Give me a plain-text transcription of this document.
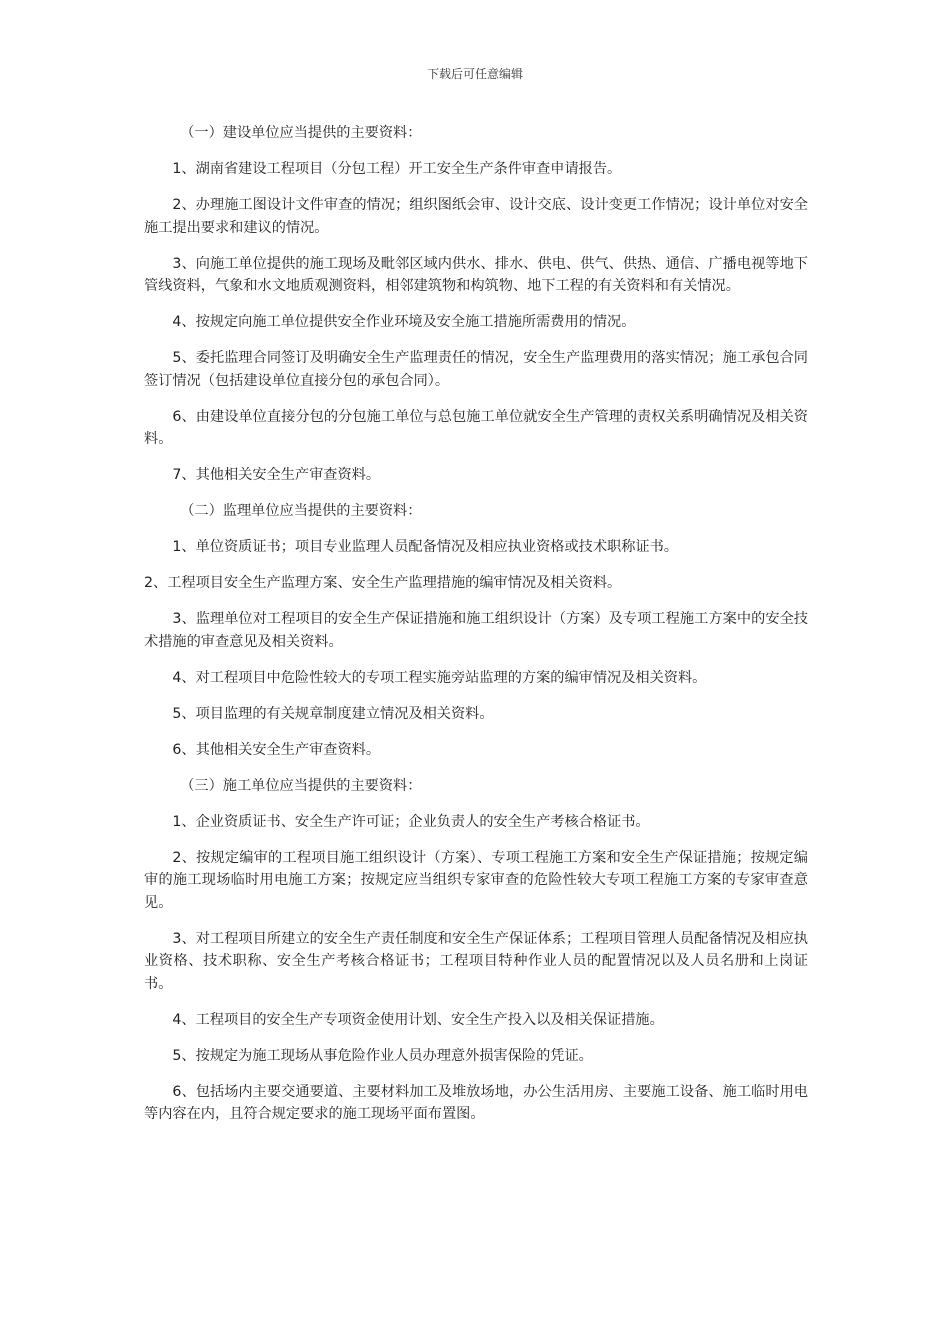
下载后可任意编辑

（一）建设单位应当提供的主要资料：

1、湖南省建设工程项目（分包工程）开工安全生产条件审查申请报告。

2、办理施工图设计文件审查的情况；组织图纸会审、设计交底、设计变更工作情况；设计单位对安全施工提出要求和建议的情况。

3、向施工单位提供的施工现场及毗邻区域内供水、排水、供电、供气、供热、通信、广播电视等地下管线资料，气象和水文地质观测资料，相邻建筑物和构筑物、地下工程的有关资料和有关情况。

4、按规定向施工单位提供安全作业环境及安全施工措施所需费用的情况。

5、委托监理合同签订及明确安全生产监理责任的情况，安全生产监理费用的落实情况；施工承包合同签订情况（包括建设单位直接分包的承包合同）。

6、由建设单位直接分包的分包施工单位与总包施工单位就安全生产管理的责权关系明确情况及相关资料。

7、其他相关安全生产审查资料。

（二）监理单位应当提供的主要资料：

1、单位资质证书；项目专业监理人员配备情况及相应执业资格或技术职称证书。

2、工程项目安全生产监理方案、安全生产监理措施的编审情况及相关资料。

3、监理单位对工程项目的安全生产保证措施和施工组织设计（方案）及专项工程施工方案中的安全技术措施的审查意见及相关资料。

4、对工程项目中危险性较大的专项工程实施旁站监理的方案的编审情况及相关资料。

5、项目监理的有关规章制度建立情况及相关资料。

6、其他相关安全生产审查资料。

（三）施工单位应当提供的主要资料：

1、企业资质证书、安全生产许可证；企业负责人的安全生产考核合格证书。

2、按规定编审的工程项目施工组织设计（方案）、专项工程施工方案和安全生产保证措施；按规定编审的施工现场临时用电施工方案；按规定应当组织专家审查的危险性较大专项工程施工方案的专家审查意见。

3、对工程项目所建立的安全生产责任制度和安全生产保证体系；工程项目管理人员配备情况及相应执业资格、技术职称、安全生产考核合格证书；工程项目特种作业人员的配置情况以及人员名册和上岗证书。

4、工程项目的安全生产专项资金使用计划、安全生产投入以及相关保证措施。

5、按规定为施工现场从事危险作业人员办理意外损害保险的凭证。

6、包括场内主要交通要道、主要材料加工及堆放场地，办公生活用房、主要施工设备、施工临时用电等内容在内，且符合规定要求的施工现场平面布置图。
